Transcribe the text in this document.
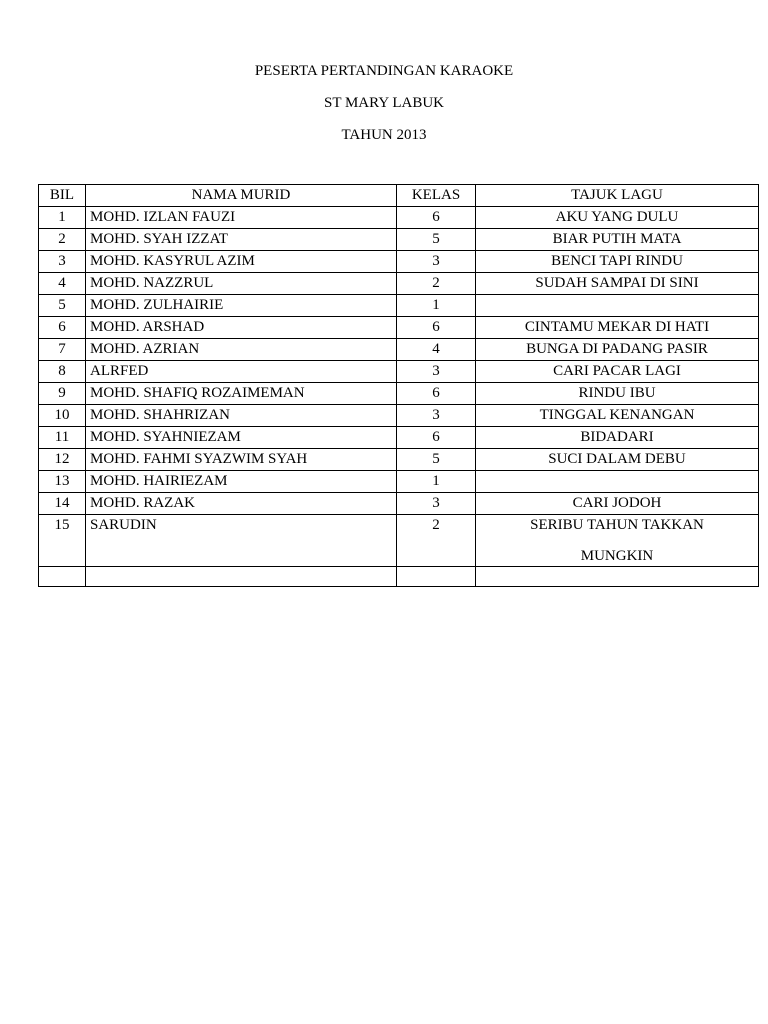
PESERTA PERTANDINGAN KARAOKE
ST MARY LABUK
TAHUN 2013
BIL	NAMA MURID	KELAS	TAJUK LAGU
1	MOHD. IZLAN FAUZI	6	AKU YANG DULU

2	MOHD. SYAH IZZAT	5	BIAR PUTIH MATA

3	MOHD. KASYRUL AZIM	3	BENCI TAPI RINDU

4	MOHD. NAZZRUL	2	SUDAH SAMPAI DI SINI

5	MOHD. ZULHAIRIE	1	
6	MOHD. ARSHAD	6	CINTAMU MEKAR DI HATI

7	MOHD. AZRIAN	4	BUNGA DI PADANG PASIR

8	ALRFED	3	CARI PACAR LAGI

9	MOHD. SHAFIQ ROZAIMEMAN	6	RINDU IBU

10	MOHD. SHAHRIZAN	3	TINGGAL KENANGAN

11	MOHD. SYAHNIEZAM	6	BIDADARI

12	MOHD. FAHMI SYAZWIM SYAH	5	SUCI DALAM DEBU

13	MOHD. HAIRIEZAM	1	
14	MOHD. RAZAK	3	CARI JODOH

15	SARUDIN	2	SERIBU TAHUN TAKKAN
MUNGKIN
